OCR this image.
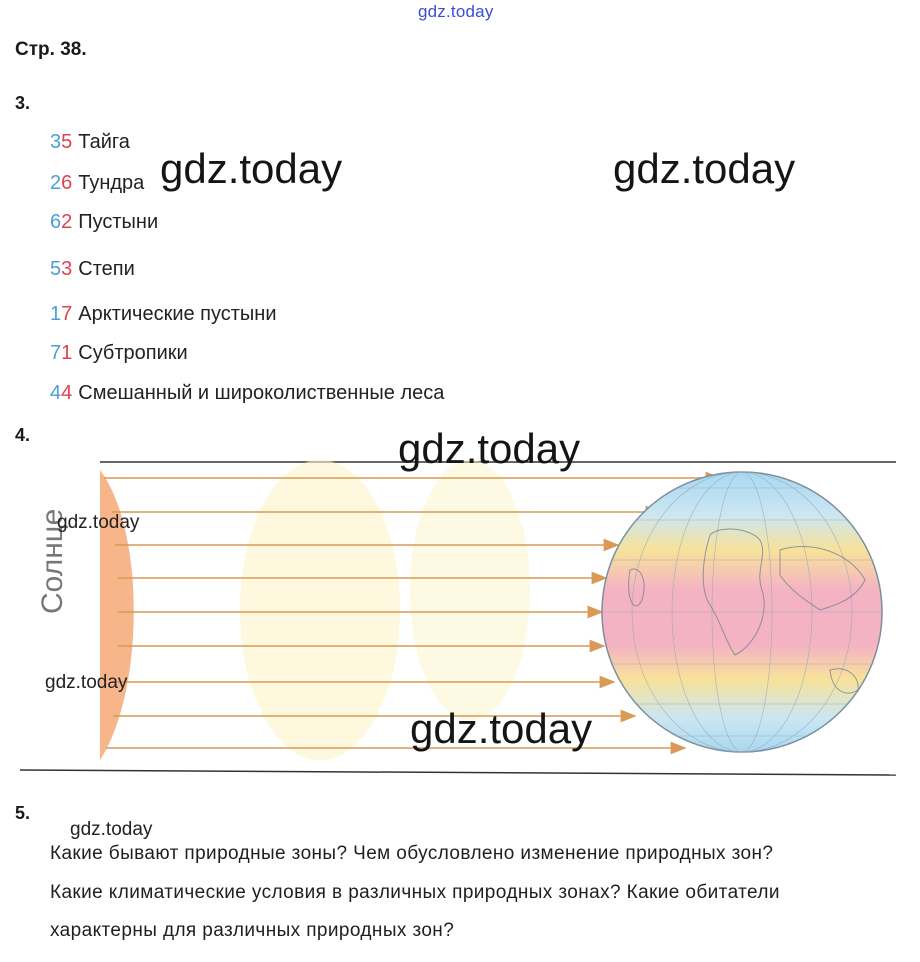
gdz.today
Стр. 38.
3.
35 Тайга
26 Тундра
62 Пустыни
53 Степи
17 Арктические пустыни
71 Субтропики
44 Смешанный и широколиственные леса
gdz.today	gdz.today
4.
Солнце
gdz.today
gdz.today
gdz.today
gdz.today
5.
gdz.today
Какие бывают природные зоны? Чем обусловлено изменение природных зон?
Какие климатические условия в различных природных зонах? Какие обитатели
характерны для различных природных зон?
